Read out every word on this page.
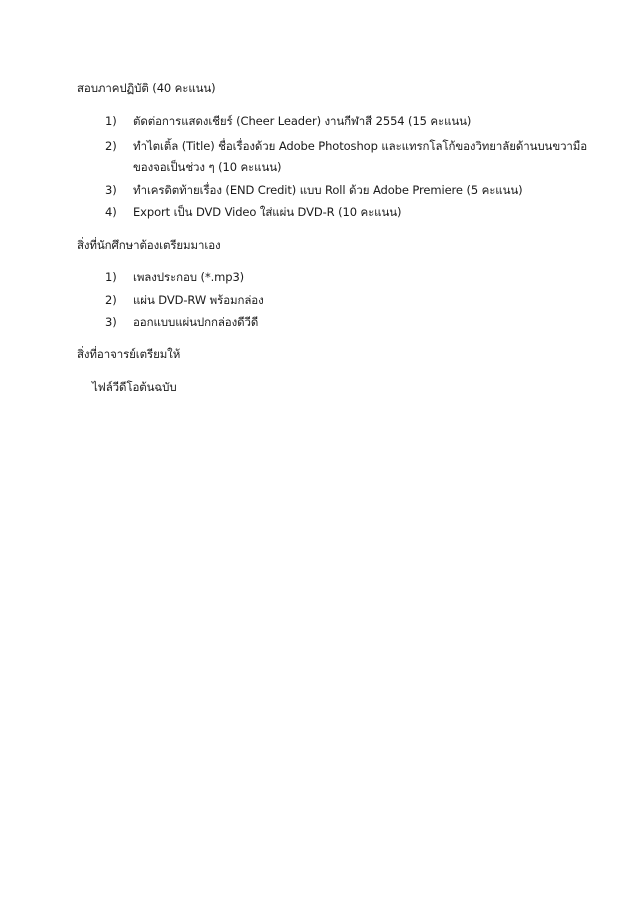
สอบภาคปฏิบัติ (40 คะแนน)
1) ตัดต่อการแสดงเชียร์ (Cheer Leader) งานกีฬาสี 2554 (15 คะแนน)
2) ทำไตเติ้ล (Title) ชื่อเรื่องด้วย Adobe Photoshop และแทรกโลโก้ของวิทยาลัยด้านบนขวามือ
ของจอเป็นช่วง ๆ (10 คะแนน)
3) ทำเครดิตท้ายเรื่อง (END Credit) แบบ Roll ด้วย Adobe Premiere (5 คะแนน)
4) Export เป็น DVD Video ใส่แผ่น DVD-R (10 คะแนน)
สิ่งที่นักศึกษาต้องเตรียมมาเอง
1) เพลงประกอบ (*.mp3)
2) แผ่น DVD-RW พร้อมกล่อง
3) ออกแบบแผ่นปกกล่องดีวีดี
สิ่งที่อาจารย์เตรียมให้
ไฟล์วีดีโอต้นฉบับ
